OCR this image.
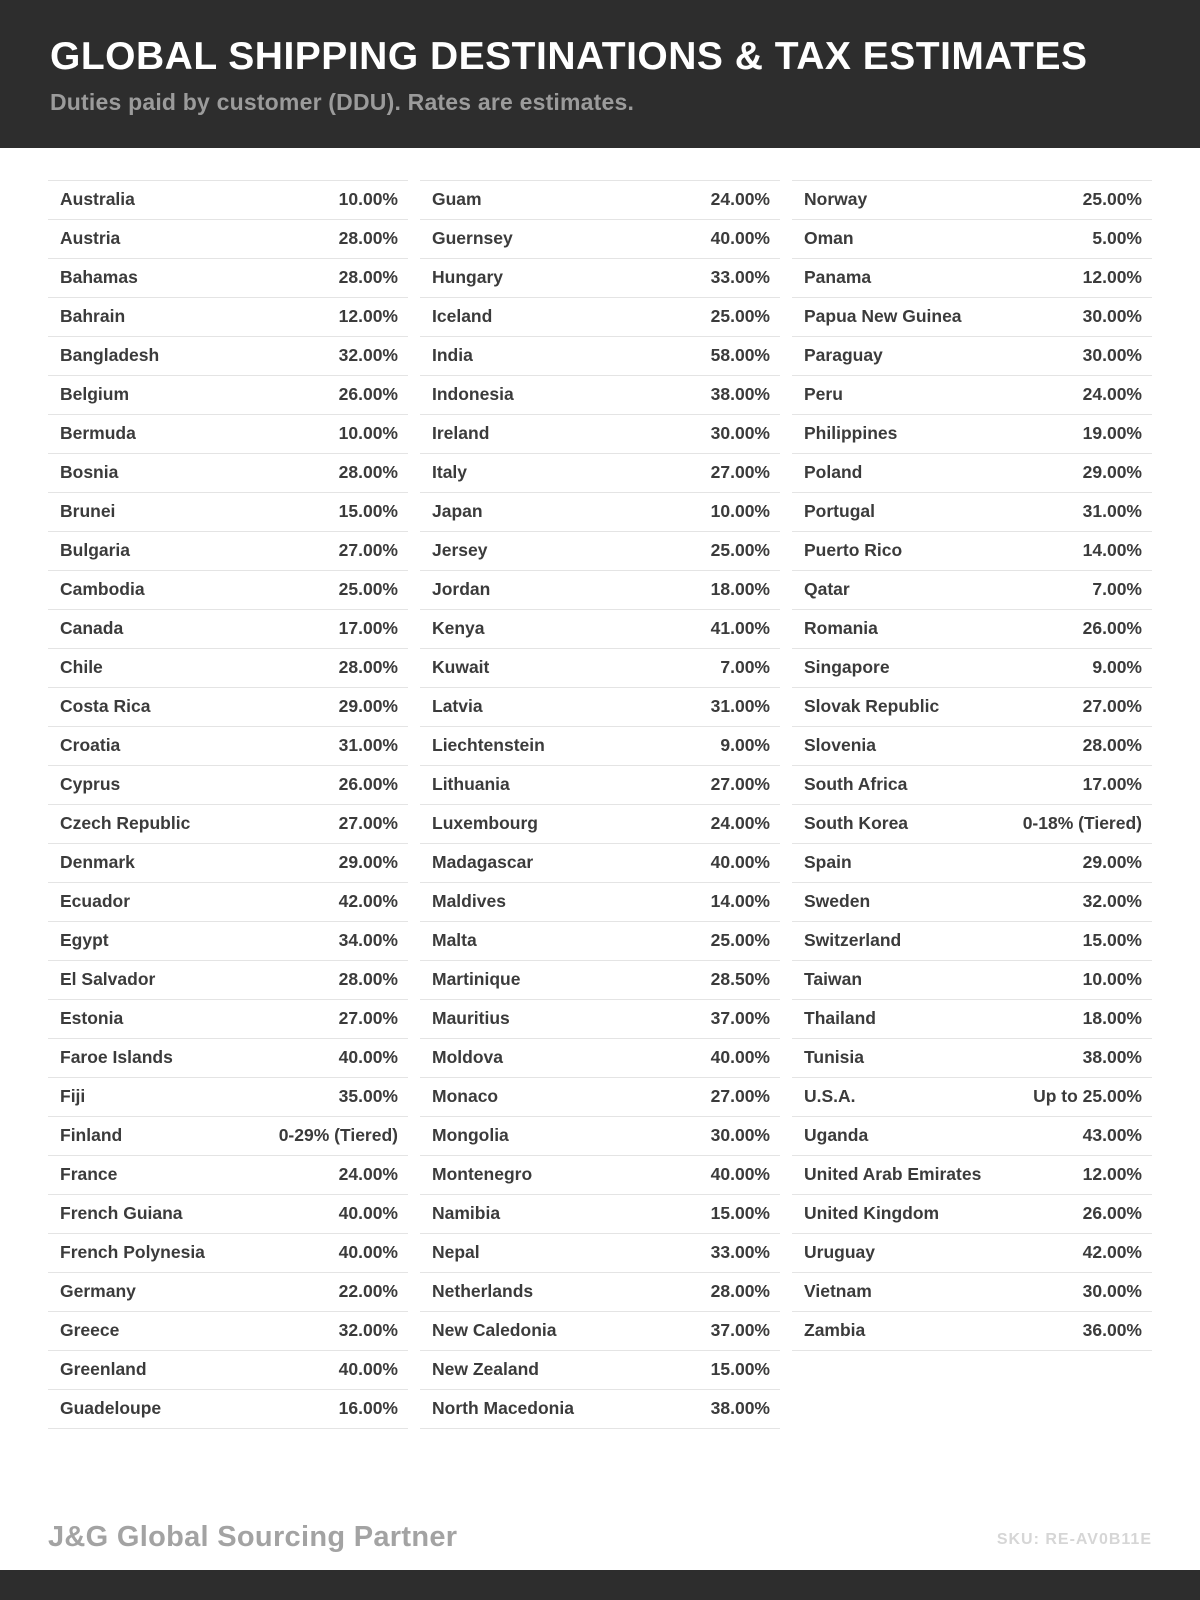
GLOBAL SHIPPING DESTINATIONS & TAX ESTIMATES

Duties paid by customer (DDU). Rates are estimates.

Australia	10.00%
Austria	28.00%
Bahamas	28.00%
Bahrain	12.00%
Bangladesh	32.00%
Belgium	26.00%
Bermuda	10.00%
Bosnia	28.00%
Brunei	15.00%
Bulgaria	27.00%
Cambodia	25.00%
Canada	17.00%
Chile	28.00%
Costa Rica	29.00%
Croatia	31.00%
Cyprus	26.00%
Czech Republic	27.00%
Denmark	29.00%
Ecuador	42.00%
Egypt	34.00%
El Salvador	28.00%
Estonia	27.00%
Faroe Islands	40.00%
Fiji	35.00%
Finland	0-29% (Tiered)
France	24.00%
French Guiana	40.00%
French Polynesia	40.00%
Germany	22.00%
Greece	32.00%
Greenland	40.00%
Guadeloupe	16.00%
Guam	24.00%
Guernsey	40.00%
Hungary	33.00%
Iceland	25.00%
India	58.00%
Indonesia	38.00%
Ireland	30.00%
Italy	27.00%
Japan	10.00%
Jersey	25.00%
Jordan	18.00%
Kenya	41.00%
Kuwait	7.00%
Latvia	31.00%
Liechtenstein	9.00%
Lithuania	27.00%
Luxembourg	24.00%
Madagascar	40.00%
Maldives	14.00%
Malta	25.00%
Martinique	28.50%
Mauritius	37.00%
Moldova	40.00%
Monaco	27.00%
Mongolia	30.00%
Montenegro	40.00%
Namibia	15.00%
Nepal	33.00%
Netherlands	28.00%
New Caledonia	37.00%
New Zealand	15.00%
North Macedonia	38.00%
Norway	25.00%
Oman	5.00%
Panama	12.00%
Papua New Guinea	30.00%
Paraguay	30.00%
Peru	24.00%
Philippines	19.00%
Poland	29.00%
Portugal	31.00%
Puerto Rico	14.00%
Qatar	7.00%
Romania	26.00%
Singapore	9.00%
Slovak Republic	27.00%
Slovenia	28.00%
South Africa	17.00%
South Korea	0-18% (Tiered)
Spain	29.00%
Sweden	32.00%
Switzerland	15.00%
Taiwan	10.00%
Thailand	18.00%
Tunisia	38.00%
U.S.A.	Up to 25.00%
Uganda	43.00%
United Arab Emirates	12.00%
United Kingdom	26.00%
Uruguay	42.00%
Vietnam	30.00%
Zambia	36.00%
J&G Global Sourcing Partner	SKU: RE-AV0B11E
